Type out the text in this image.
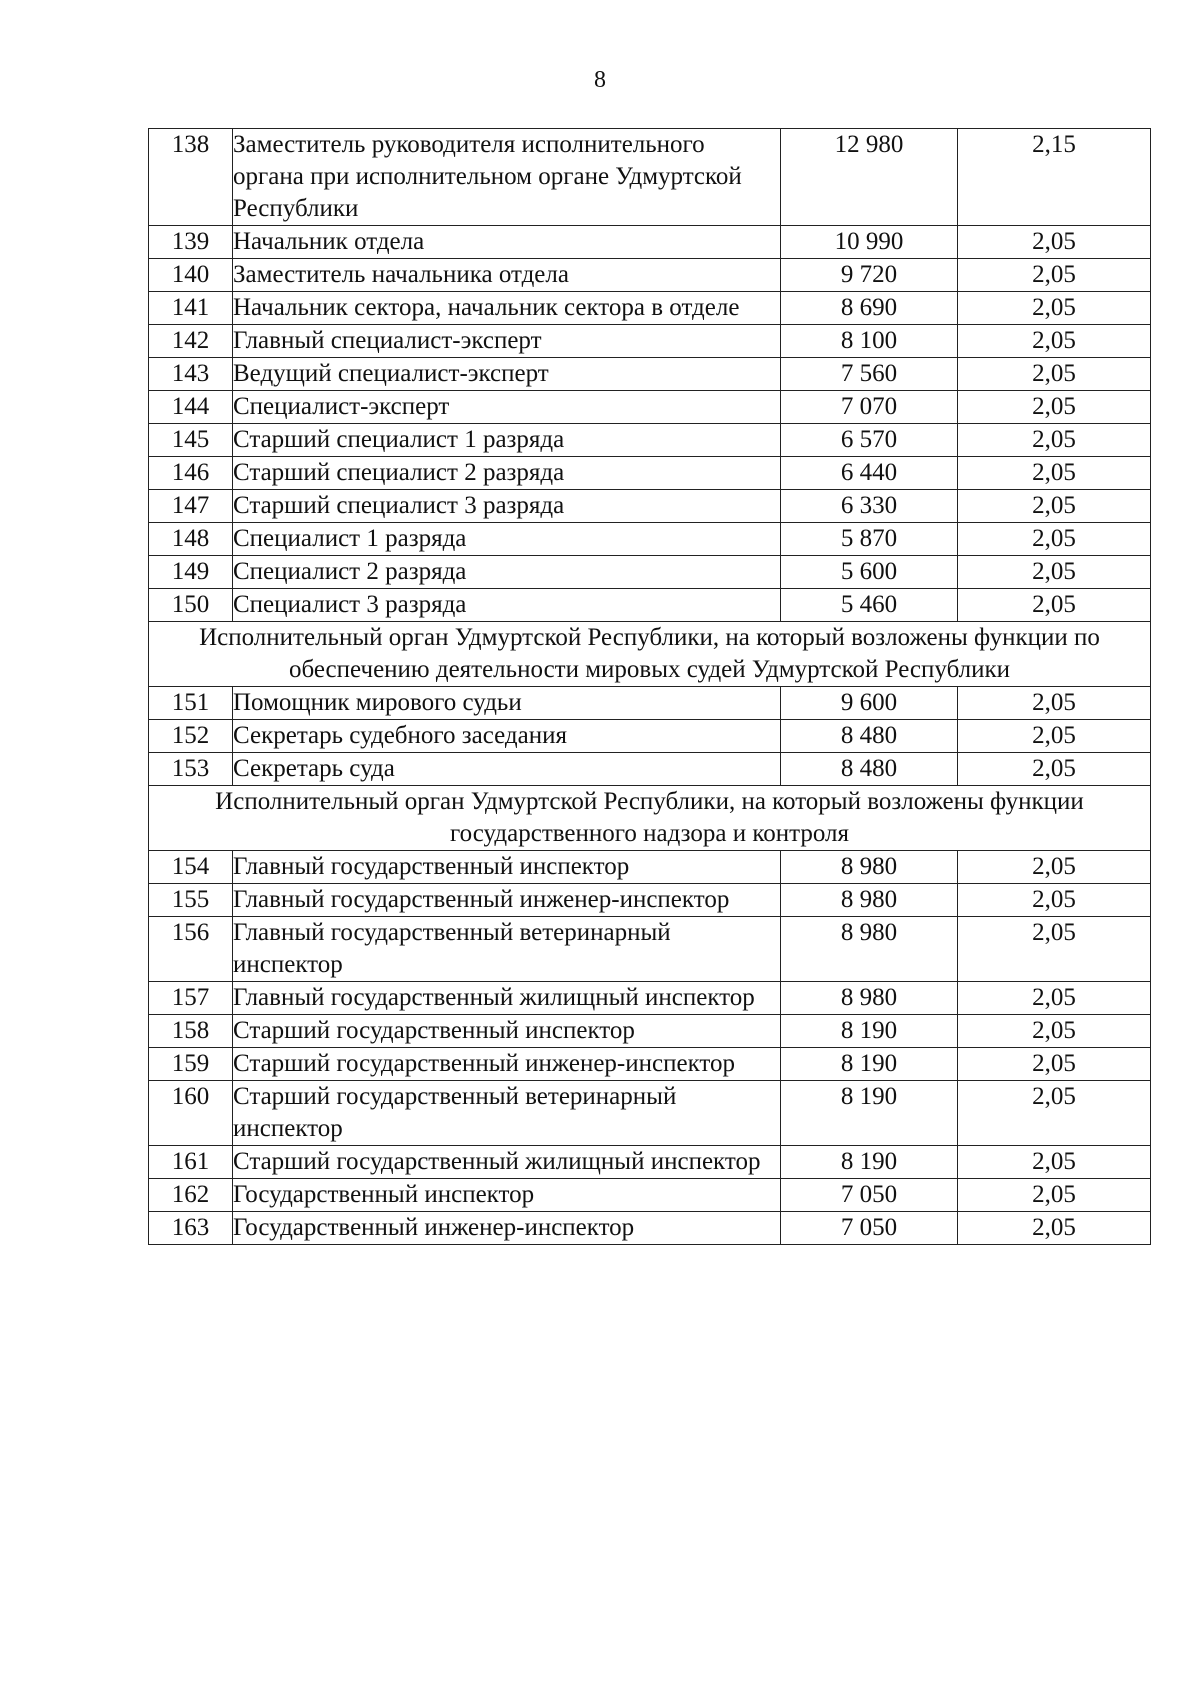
8
138	Заместитель руководителя исполнительного органа при исполнительном органе Удмуртской Республики	12 980	2,15
139	Начальник отдела	10 990	2,05
140	Заместитель начальника отдела	9 720	2,05
141	Начальник сектора, начальник сектора в отделе	8 690	2,05
142	Главный специалист-эксперт	8 100	2,05
143	Ведущий специалист-эксперт	7 560	2,05
144	Специалист-эксперт	7 070	2,05
145	Старший специалист 1 разряда	6 570	2,05
146	Старший специалист 2 разряда	6 440	2,05
147	Старший специалист 3 разряда	6 330	2,05
148	Специалист 1 разряда	5 870	2,05
149	Специалист 2 разряда	5 600	2,05
150	Специалист 3 разряда	5 460	2,05
Исполнительный орган Удмуртской Республики, на который возложены функции по обеспечению деятельности мировых судей Удмуртской Республики			
151	Помощник мирового судьи	9 600	2,05
152	Секретарь судебного заседания	8 480	2,05
153	Секретарь суда	8 480	2,05
Исполнительный орган Удмуртской Республики, на который возложены функции государственного надзора и контроля			
154	Главный государственный инспектор	8 980	2,05
155	Главный государственный инженер-инспектор	8 980	2,05
156	Главный государственный ветеринарный инспектор	8 980	2,05
157	Главный государственный жилищный инспектор	8 980	2,05
158	Старший государственный инспектор	8 190	2,05
159	Старший государственный инженер-инспектор	8 190	2,05
160	Старший государственный ветеринарный инспектор	8 190	2,05
161	Старший государственный жилищный инспектор	8 190	2,05
162	Государственный инспектор	7 050	2,05
163	Государственный инженер-инспектор	7 050	2,05
